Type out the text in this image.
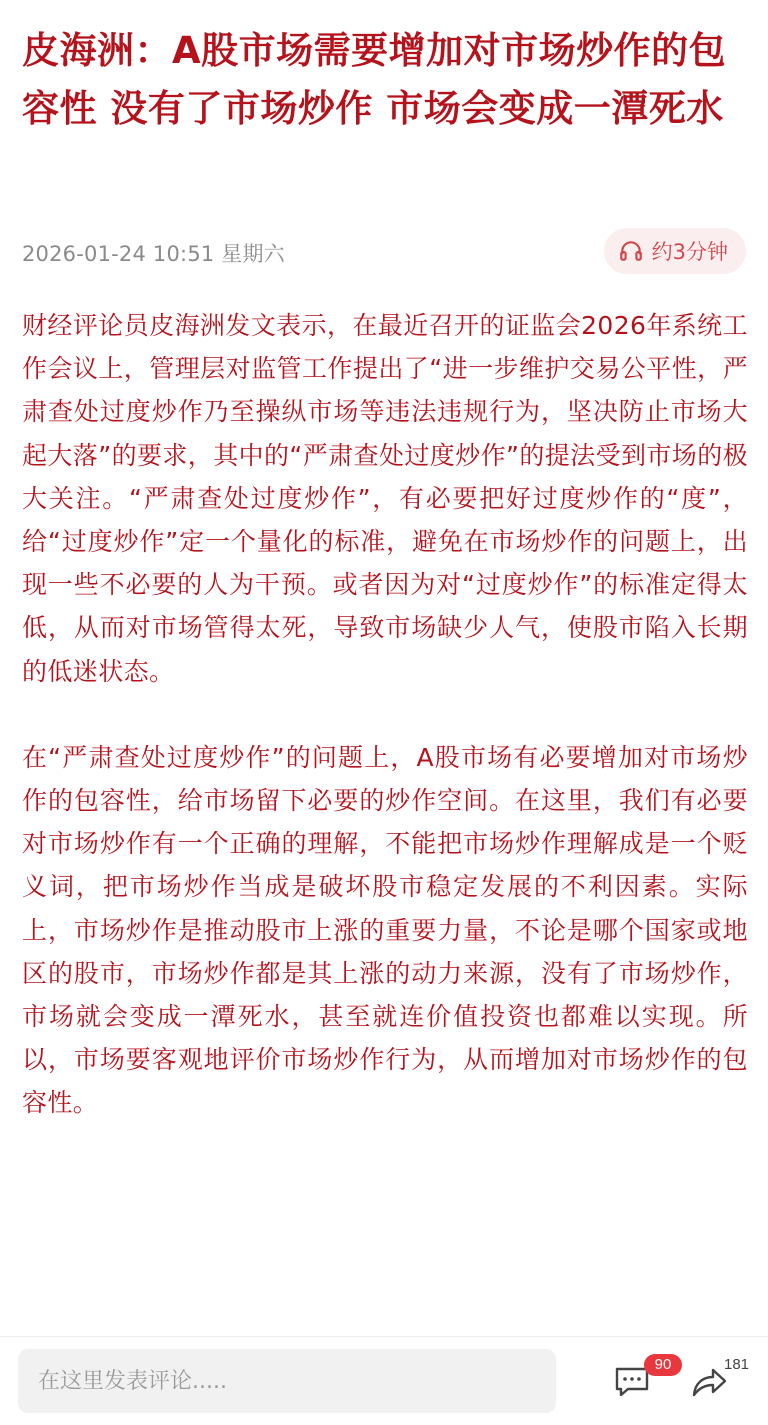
皮海洲：A股市场需要增加对市场炒作的包容性 没有了市场炒作 市场会变成一潭死水
2026-01-24 10:51 星期六	约3分钟

财经评论员皮海洲发文表示，在最近召开的证监会2026年系统工作会议上，管理层对监管工作提出了“进一步维护交易公平性，严肃查处过度炒作乃至操纵市场等违法违规行为，坚决防止市场大起大落”的要求，其中的“严肃查处过度炒作”的提法受到市场的极大关注。“严肃查处过度炒作”，有必要把好过度炒作的“度”，给“过度炒作”定一个量化的标准，避免在市场炒作的问题上，出现一些不必要的人为干预。或者因为对“过度炒作”的标准定得太低，从而对市场管得太死，导致市场缺少人气，使股市陷入长期的低迷状态。

在“严肃查处过度炒作”的问题上，A股市场有必要增加对市场炒作的包容性，给市场留下必要的炒作空间。在这里，我们有必要对市场炒作有一个正确的理解，不能把市场炒作理解成是一个贬义词，把市场炒作当成是破坏股市稳定发展的不利因素。实际上，市场炒作是推动股市上涨的重要力量，不论是哪个国家或地区的股市，市场炒作都是其上涨的动力来源，没有了市场炒作，市场就会变成一潭死水，甚至就连价值投资也都难以实现。所以，市场要客观地评价市场炒作行为，从而增加对市场炒作的包容性。

在这里发表评论.....
90	181
